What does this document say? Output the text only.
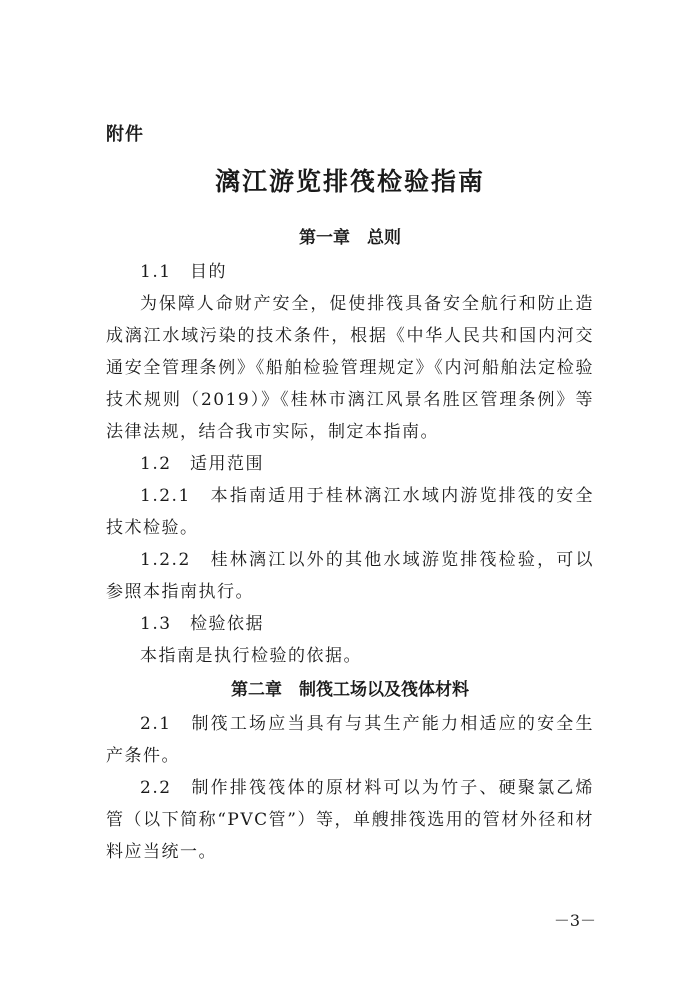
附件

漓江游览排筏检验指南
第一章　总则

1.1　目的

为保障人命财产安全，促使排筏具备安全航行和防止造成漓江水域污染的技术条件，根据《中华人民共和国内河交通安全管理条例》《船舶检验管理规定》《内河船舶法定检验技术规则（2019）》《桂林市漓江风景名胜区管理条例》等法律法规，结合我市实际，制定本指南。

1.2　适用范围

1.2.1　本指南适用于桂林漓江水域内游览排筏的安全技术检验。

1.2.2　桂林漓江以外的其他水域游览排筏检验，可以参照本指南执行。

1.3　检验依据

本指南是执行检验的依据。

第二章　制筏工场以及筏体材料

2.1　制筏工场应当具有与其生产能力相适应的安全生产条件。

2.2　制作排筏筏体的原材料可以为竹子、硬聚氯乙烯管（以下简称“PVC管”）等，单艘排筏选用的管材外径和材料应当统一。

－3－
